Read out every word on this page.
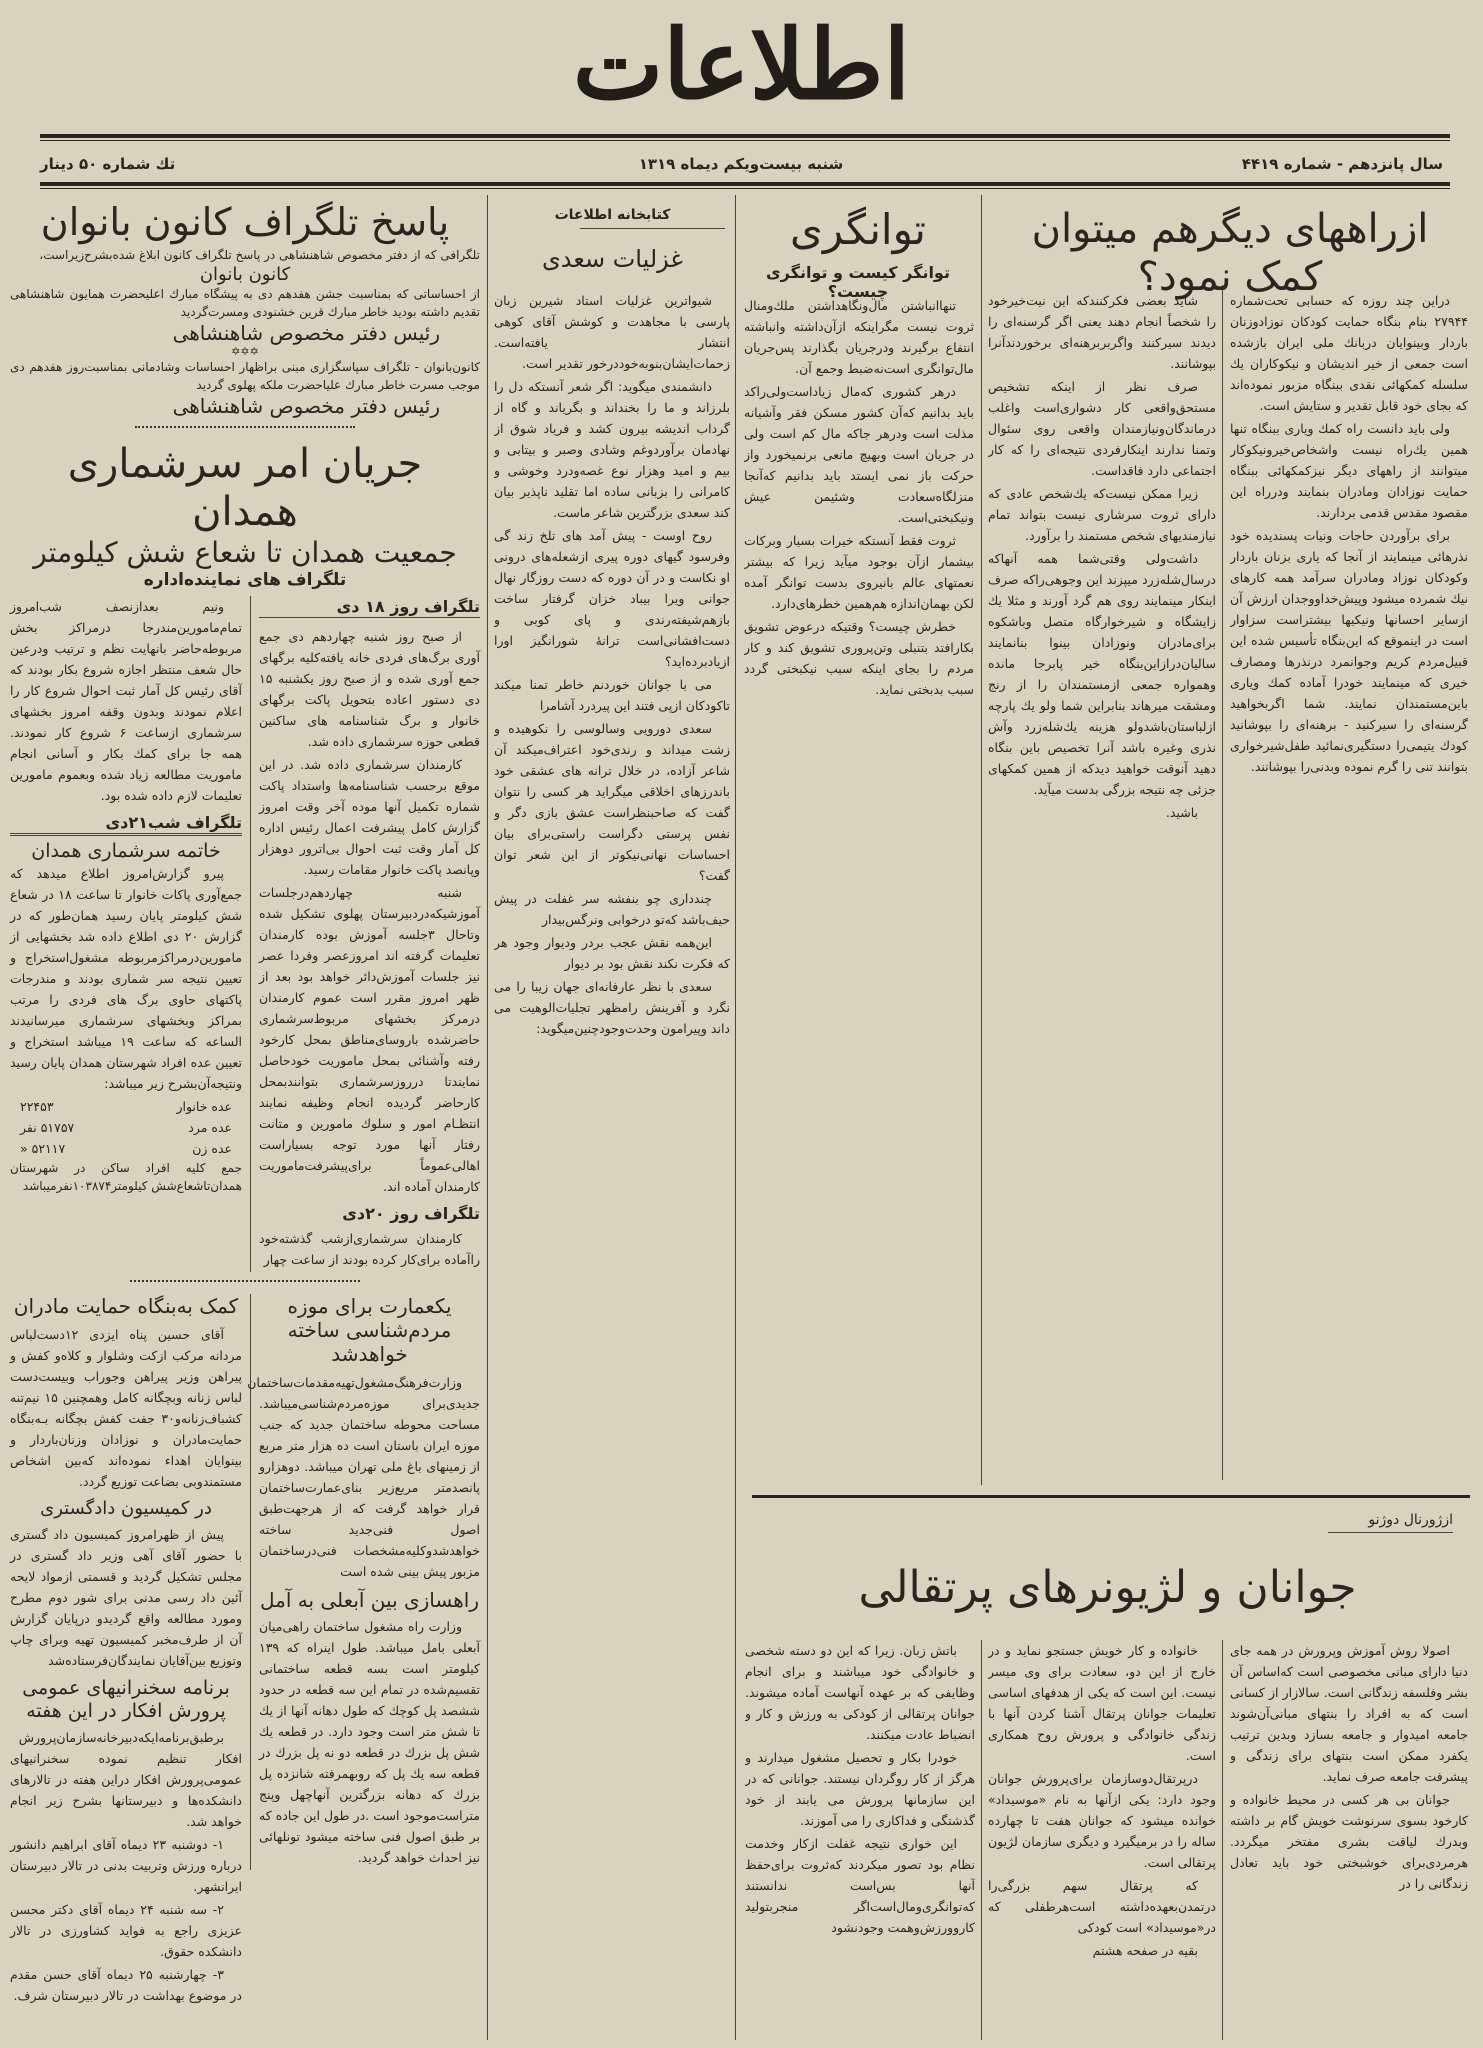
اطلاعات
سال پانزدهم - شماره ۴۴۱۹
شنبه بیست‌ویکم دیماه ۱۳۱۹
تك شماره ۵۰ دینار
ازراههای دیگرهم میتوان کمک نمود؟

دراین چند روزه که حسابی تحت‌شماره ۲۷۹۴۴ بنام بنگاه حمایت کودکان نوزادوزنان باردار وبینوایان دربانك ملی ایران بازشده است جمعی از خیر اندیشان و نیکوکاران یك سلسله کمکهائی نقدی ببنگاه مزبور نموده‌اند که بجای خود قابل تقدیر و ستایش است.

ولی باید دانست راه کمك ویاری ببنگاه تنها همین یك‌راه نیست واشخاص‌خیرونیکوکار میتوانند از راههای دیگر نیزکمکهائی ببنگاه حمایت نوزادان ومادران بنمایند ودرراه این مقصود مقدس قدمی بردارند.

برای برآوردن حاجات ونیات پسندیده خود نذرهائی مینمایند از آنجا که یاری بزنان باردار وکودکان نوزاد ومادران سرآمد همه کارهای نیك شمرده میشود وپیش‌خداووجدان ارزش آن ازسایر احسانها ونیکیها بیشتراست سزاوار است در اینموقع که این‌بنگاه تأسیس شده این قبیل‌مردم کریم وجوانمرد درنذرها ومصارف خیری که مینمایند خودرا آماده کمك ویاری باین‌مستمندان نمایند. شما اگربخواهید گرسنه‌ای را سیرکنید - برهنه‌ای را بپوشانید کودك یتیمی‌را دستگیری‌نمائید طفل‌شیرخواری بتوانند تنی را گرم نموده وبدنی‌را بپوشانند.

شاید بعضی فکرکنندکه این نیت‌خیرخود را شخصاً انجام دهند یعنی اگر گرسنه‌ای را دیدند سیرکنند واگربربرهنه‌ای برخوردندآنرا بپوشانند.

صرف نظر از اینکه تشخیص مستحق‌واقعی کار دشواری‌است واغلب درماندگان‌ونیازمندان واقعی روی سئوال وتمنا ندارند اینکارفردی نتیجه‌ای را که کار اجتماعی دارد فاقداست.

زیرا ممکن نیست‌که یك‌شخص عادی که دارای ثروت سرشاری نیست بتواند تمام نیازمندیهای شخص مستمند را برآورد.

داشت‌ولی وقتی‌شما همه آنهاکه درسال‌شله‌زرد میپزند این وجوهی‌راکه صرف اینکار مینمایند روی هم گرد آورند و مثلا یك زایشگاه و شیرخوارگاه متصل وباشکوه برای‌مادران ونوزادان بینوا بنانمایند سالیان‌درازاین‌بنگاه خیر پابرجا مانده وهمواره جمعی ازمستمندان را از رنج ومشقت میرهاند بنابراین شما ولو یك پارچه ازلباستان‌باشدولو هزینه یك‌شله‌زرد وآش نذری وغیره باشد آنرا تخصیص باین بنگاه دهید آنوقت خواهید دیدکه از همین کمکهای جزئی چه نتیجه بزرگی بدست میآید.

باشید.

توانگری
توانگر کیست و توانگری چیست؟

تنهاانباشتن مال‌ونگاهداشتن ملك‌ومنال ثروت نیست مگراینکه ازآن‌داشته وانباشته انتفاع برگیرند ودرجریان بگذارند پس‌جریان مال‌توانگری است‌نه‌ضبط وجمع آن.

درهر کشوری که‌مال زیاداست‌ولی‌راکد باید بدانیم که‌آن کشور مسکن فقر وآشیانه مذلت است ودرهر جاکه مال کم است ولی در جریان است وبهیچ مانعی برنمیخورد واز حرکت باز نمی ایستد باید بدانیم که‌آنجا منزلگاه‌سعادت وشئیمن عیش ونیکبختی‌است.

ثروت فقط آنستکه خیرات بسیار وبرکات بیشمار ازآن بوجود میآید زیرا که بیشتر نعمتهای عالم بانیروی بدست توانگر آمده لکن بهمان‌اندازه هم‌همین خطرهای‌دارد.

خطرش چیست؟ وقتیکه درعوض تشویق بکارافتد بتنبلی وتن‌پروری تشویق کند و کار مردم را بجای اینکه سبب نیکبختی گردد سبب بدبختی نماید.

کتابخانه اطلاعات
غزلیات سعدی

شیواترین غزلیات استاد شیرین زبان پارسی با مجاهدت و کوشش آقای کوهی انتشار یافته‌است. زحمات‌ایشان‌بنوبه‌خوددرخور تقدیر است.

دانشمندی میگوید: اگر شعر آنستکه دل را بلرزاند و ما را بخنداند و بگریاند و گاه از گرداب اندیشه بیرون کشد و فریاد شوق از نهادمان برآوردوغم وشادی وصبر و بیتابی و بیم و امید وهزار نوع غصه‌ودرد وخوشی و کامرانی را بزبانی ساده اما تقلید ناپذیر بیان کند سعدی بزرگترین شاعر ماست.

روح اوست - پیش آمد های تلخ زند گی وفرسود گیهای دوره پیری ازشعله‌های درونی او نکاست و در آن دوره که دست روزگار نهال جوانی ویرا بیباد خزان گرفتار ساخت بازهم‌شیفته‌رندی و پای کوبی و دست‌افشانی‌است ترانهٔ شورانگیز اورا ازیادبرده‌اید؟

می با جوانان خوردنم خاطر تمنا میکند تاکودکان ازپی فتند این پیردرد آشامرا

سعدی دورویی وسالوسی را نکوهیده و زشت میداند و رندی‌خود اعتراف‌میکند آن شاعر آزاده، در خلال ترانه های عشقی خود باندرزهای اخلاقی میگراید هر کسی را نتوان گفت که صاحبنظراست عشق بازی دگر و نفس پرستی دگراست راستی‌برای بیان احساسات نهانی‌نیکوتر از این شعر توان گفت؟

چندداری چو بنفشه سر غفلت در پیش حیف‌باشد که‌تو درخوابی ونرگس‌بیدار

این‌همه نقش عجب بردر ودیوار وجود هر که فکرت نکند نقش بود بر دیوار

سعدی با نظر عارفانه‌ای جهان زیبا را می نگرد و آفرینش رامظهر تجلیات‌الوهیت می داند وپیرامون وحدت‌وجودچنین‌میگوید:

پاسخ تلگراف کانون بانوان
تلگرافی که از دفتر مخصوص شاهنشاهی در پاسخ تلگراف کانون ابلاغ شده‌بشرح‌زیراست،
کانون بانوان
از احساساتی که بمناسبت جشن هفدهم دی به پیشگاه مبارك اعلیحضرت همایون شاهنشاهی تقدیم داشته بودید خاطر مبارك قرین خشنودی ومسرت‌گردید
رئیس دفتر مخصوص شاهنشاهی
✡✡✡
کانون‌بانوان - تلگراف سپاسگزاری مبنی براظهار احساسات وشادمانی بمناسبت‌روز هفدهم دی موجب مسرت خاطر مبارك علیاحضرت ملکه پهلوی گردید
رئیس دفتر مخصوص شاهنشاهی
جریان امر سرشماری همدان
جمعیت همدان تا شعاع شش کیلومتر
تلگراف های نماینده‌اداره
تلگراف روز ۱۸ دی

از صبح روز شنبه چهاردهم دی جمع آوری برگ‌های فردی خانه یافته‌کلیه برگهای جمع آوری شده و از صبح روز یکشنبه ۱۵ دی دستور اعاده بتحویل پاکت برگهای خانوار و برگ شناسنامه های ساکنین قطعی حوزه سرشماری داده شد.

کارمندان سرشماری داده شد. در این موقع برحسب شناسنامه‌ها واستداد پاکت شماره تکمیل آنها موده آخر وقت امروز گزارش کامل پیشرفت اعمال رئیس اداره کل آمار وقت ثبت احوال بی‌اترور دوهزار وپانصد پاکت خانوار مقامات رسید.

شنبه چهاردهم‌درجلسات آموزشیکه‌دردبیرستان پهلوی تشکیل شده وتاحال ۳جلسه آموزش بوده کارمندان تعلیمات گرفته اند امروزعصر وفردا عصر نیز جلسات آموزش‌دائر خواهد بود بعد از ظهر امروز مقرر است عموم کارمندان درمرکز بخشهای مربوط‌سرشماری حاضرشده باروسای‌مناطق بمحل کارخود رفته وآشنائی بمحل ماموریت خودحاصل نمایندتا درروزسرشماری بتوانند‌بمحل کارحاضر گردیده انجام وظیفه نمایند انتظـام امور و سلوك مامورین و متانت رفتار آنها مورد توجه بسیاراست اهالی‌عموماً برای‌پیشرفت‌ماموریت کارمندان آماده اند.

تلگراف روز ۲۰دی

کارمندان سرشماری‌ازشب گذشته‌خود راآماده برای‌کار کرده بودند از ساعت چهار

ونیم بعدازنصف شب‌امروز تمام‌مامورین‌مندرجا درمراکز بخش مربوطه‌حاضر بانهایت نظم و ترتیب ودرعین حال شعف منتظر اجازه شروع بکار بودند که آقای رئیس کل آمار ثبت احوال شروع کار را اعلام نمودند وبدون وقفه امروز بخشهای سرشماری ازساعت ۶ شروع کار نمودند. همه جا برای کمك بکار و آسانی انجام ماموریت مطالعه زیاد شده وبعموم مامورین تعلیمات لازم داده شده بود.

تلگراف شب۲۱دی
خاتمه سرشماری همدان

پیرو گزارش‌امروز اطلاع میدهد که جمع‌آوری پاکات خانوار تا ساعت ۱۸ در شعاع شش کیلومتر پایان رسید همان‌طور که در گزارش ۲۰ دی اطلاع داده شد بخشهایی از مامورین‌درمراکزمربوطه مشغول‌استخراج و تعیین نتیجه سر شماری بودند و مندرجات پاکتهای حاوی برگ های فردی را مرتب بمراکز وبخشهای سرشماری میرسانیدند الساعه که ساعت ۱۹ میباشد استخراج و تعیین عده افراد شهرستان همدان پایان رسید ونتیجه‌آن‌بشرح زیر میباشد:

عده خانوار
۲۲۴۵۳
عده مرد
۵۱۷۵۷ نفر
عده زن
۵۲۱۱۷ «
جمع کلیه افراد ساکن در شهرستان همدان‌تاشعاع‌شش کیلومتر۱۰۳۸۷۴نفرمیباشد
یکعمارت برای موزه مردم‌شناسی ساخته خواهدشد

وزارت‌فرهنگ‌مشغول‌تهیه‌مقدمات‌ساختمان جدیدی‌برای موزه‌مردم‌شناسی‌میباشد. مساحت محوطه ساختمان جدید که جنب موزه ایران باستان است ده هزار متر مربع از زمینهای باغ ملی تهران میباشد. دوهزارو پانصدمتر مربع‌زیر بنای‌عمارت‌ساختمان قرار خواهد گرفت که از هرجهت‌طبق اصول فنی‌جدید ساخته خواهدشدوکلیه‌مشخصات فنی‌درساختمان مزبور پیش بینی شده است

راهسازی بین آبعلی به آمل

وزارت راه مشغول ساختمان راهی‌میان آبعلی بامل میباشد. طول اینراه که ۱۳۹ کیلومتر است بسه قطعه ساختمانی تقسیم‌شده در تمام این سه قطعه در حدود ششصد پل کوچك که طول دهانه آنها از یك تا شش متر است وجود دارد. در قطعه یك شش پل بزرك در قطعه دو نه پل بزرك در قطعه سه یك پل که روبهمرفته شانزده پل بزرك که دهانه بزرگترین آنهاچهل وپنج متراست‌موجود است .در طول این جاده که بر طبق اصول فنی ساخته میشود تونلهائی نیز احداث خواهد گردید.

کمک به‌بنگاه حمایت مادران

آقای حسین پناه ایزدی ۱۲دست‌لباس مردانه مرکب ازکت وشلوار و کلاه‌و کفش و پیراهن وزیر پیراهن وجوراب وبیست‌دست لباس زنانه وبچگانه کامل وهمچنین ۱۵ نیم‌تنه کشباف‌زنانه‌و۳۰ جفت کفش بچگانه بـه‌بنگاه حمایت‌مادران و نوزادان وزنان‌باردار و بینوایان اهداء نموده‌اند که‌بین اشخاص مستمندوبی بضاعت توزیع گردد.

در کمیسیون دادگستری

پیش از ظهرامروز کمیسیون داد گستری با حضور آقای آهی وزیر داد گستری در مجلس تشکیل گردید و قسمتی ازمواد لایحه آئین داد رسی مدنی برای شور دوم مطرح ومورد مطالعه واقع گردیدو درپایان گزارش آن از طرف‌مخبر کمیسیون تهیه وبرای چاپ وتوزیع بین‌آقایان نمایندگان‌فرستاده‌شد

برنامه سخنرانیهای عمومی پرورش افکار در این هفته

برطبق‌برنامه‌ایکه‌دبیرخانه‌سازمان‌پرورش افکار تنظیم نموده سخنرانیهای عمومی‌پرورش افکار دراین هفته در تالارهای دانشکده‌ها و دبیرستانها بشرح زیر انجام خواهد شد.

۱- دوشنبه ۲۳ دیماه آقای ابراهیم دانشور درباره ورزش وتربیت بدنی در تالار دبیرستان ایرانشهر.

۲- سه شنبه ۲۴ دیماه آقای دکتر محسن عزیزی راجع به فواید کشاورزی در تالار دانشکده حقوق.

۳- چهارشنبه ۲۵ دیماه آقای حسن مقدم در موضوع بهداشت در تالار دبیرستان شرف.

ازژورنال دوژنو
جوانان و لژیونرهای پرتقالی

اصولا روش آموزش وپرورش در همه جای دنیا دارای مبانی مخصوصی است که‌اساس آن بشر وفلسفه زندگانی است. سالازار از کسانی است که به افراد را بنتهای مبانی‌آن‌شوند جامعه امیدوار و جامعه بسازد وبدین ترتیب یکفرد ممکن است بنتهای برای زندگی و پیشرفت جامعه صرف نماید.

جوانان بی هر کسی در محیط خانواده و کارخود بسوی سرنوشت خویش گام بر داشته وبدرك لیاقت بشری مفتخر میگردد. هرمردی‌برای خوشبختی خود باید تعادل زندگانی را در

خانواده و کار خویش جستجو نماید و در خارج از این دو، سعادت برای وی میسر نیست. این است که یکی از هدفهای اساسی تعلیمات جوانان پرتقال آشنا کردن آنها با زندگی خانوادگی و پرورش روح همکاری است.

درپرتقال‌دوسازمان برای‌پرورش جوانان وجود دارد: یکی ازآنها به نام «موسیداد» خوانده میشود که جوانان هفت تا چهارده ساله را در برمیگیرد و دیگری سازمان لژیون پرتقالی است.

که پرتقال سهم بزرگی‌را درتمدن‌بعهده‌داشته است‌هرطفلی که در«موسیداد» است کودکی

بقیه در صفحه هشتم

باتش زبان. زیرا که این دو دسته شخصی و خانوادگی خود میباشند و برای انجام وظایفی که بر عهده آنهاست آماده میشوند. جوانان پرتقالی از کودکی به ورزش و کار و انضباط عادت میکنند.

خودرا بکار و تحصیل مشغول میدارند و هرگز از کار روگردان نیستند. جوانانی که در این سازمانها پرورش می یابند از خود گذشتگی و فداکاری را می آموزند.

این خواری نتیجه غفلت ازکار وخدمت نظام بود تصور میکردند که‌ثروت برای‌حفظ آنها بس‌است ندانستند که‌توانگری‌و‌مال‌است‌اگر منجربتولید کاروورزش‌وهمت وجودنشود
